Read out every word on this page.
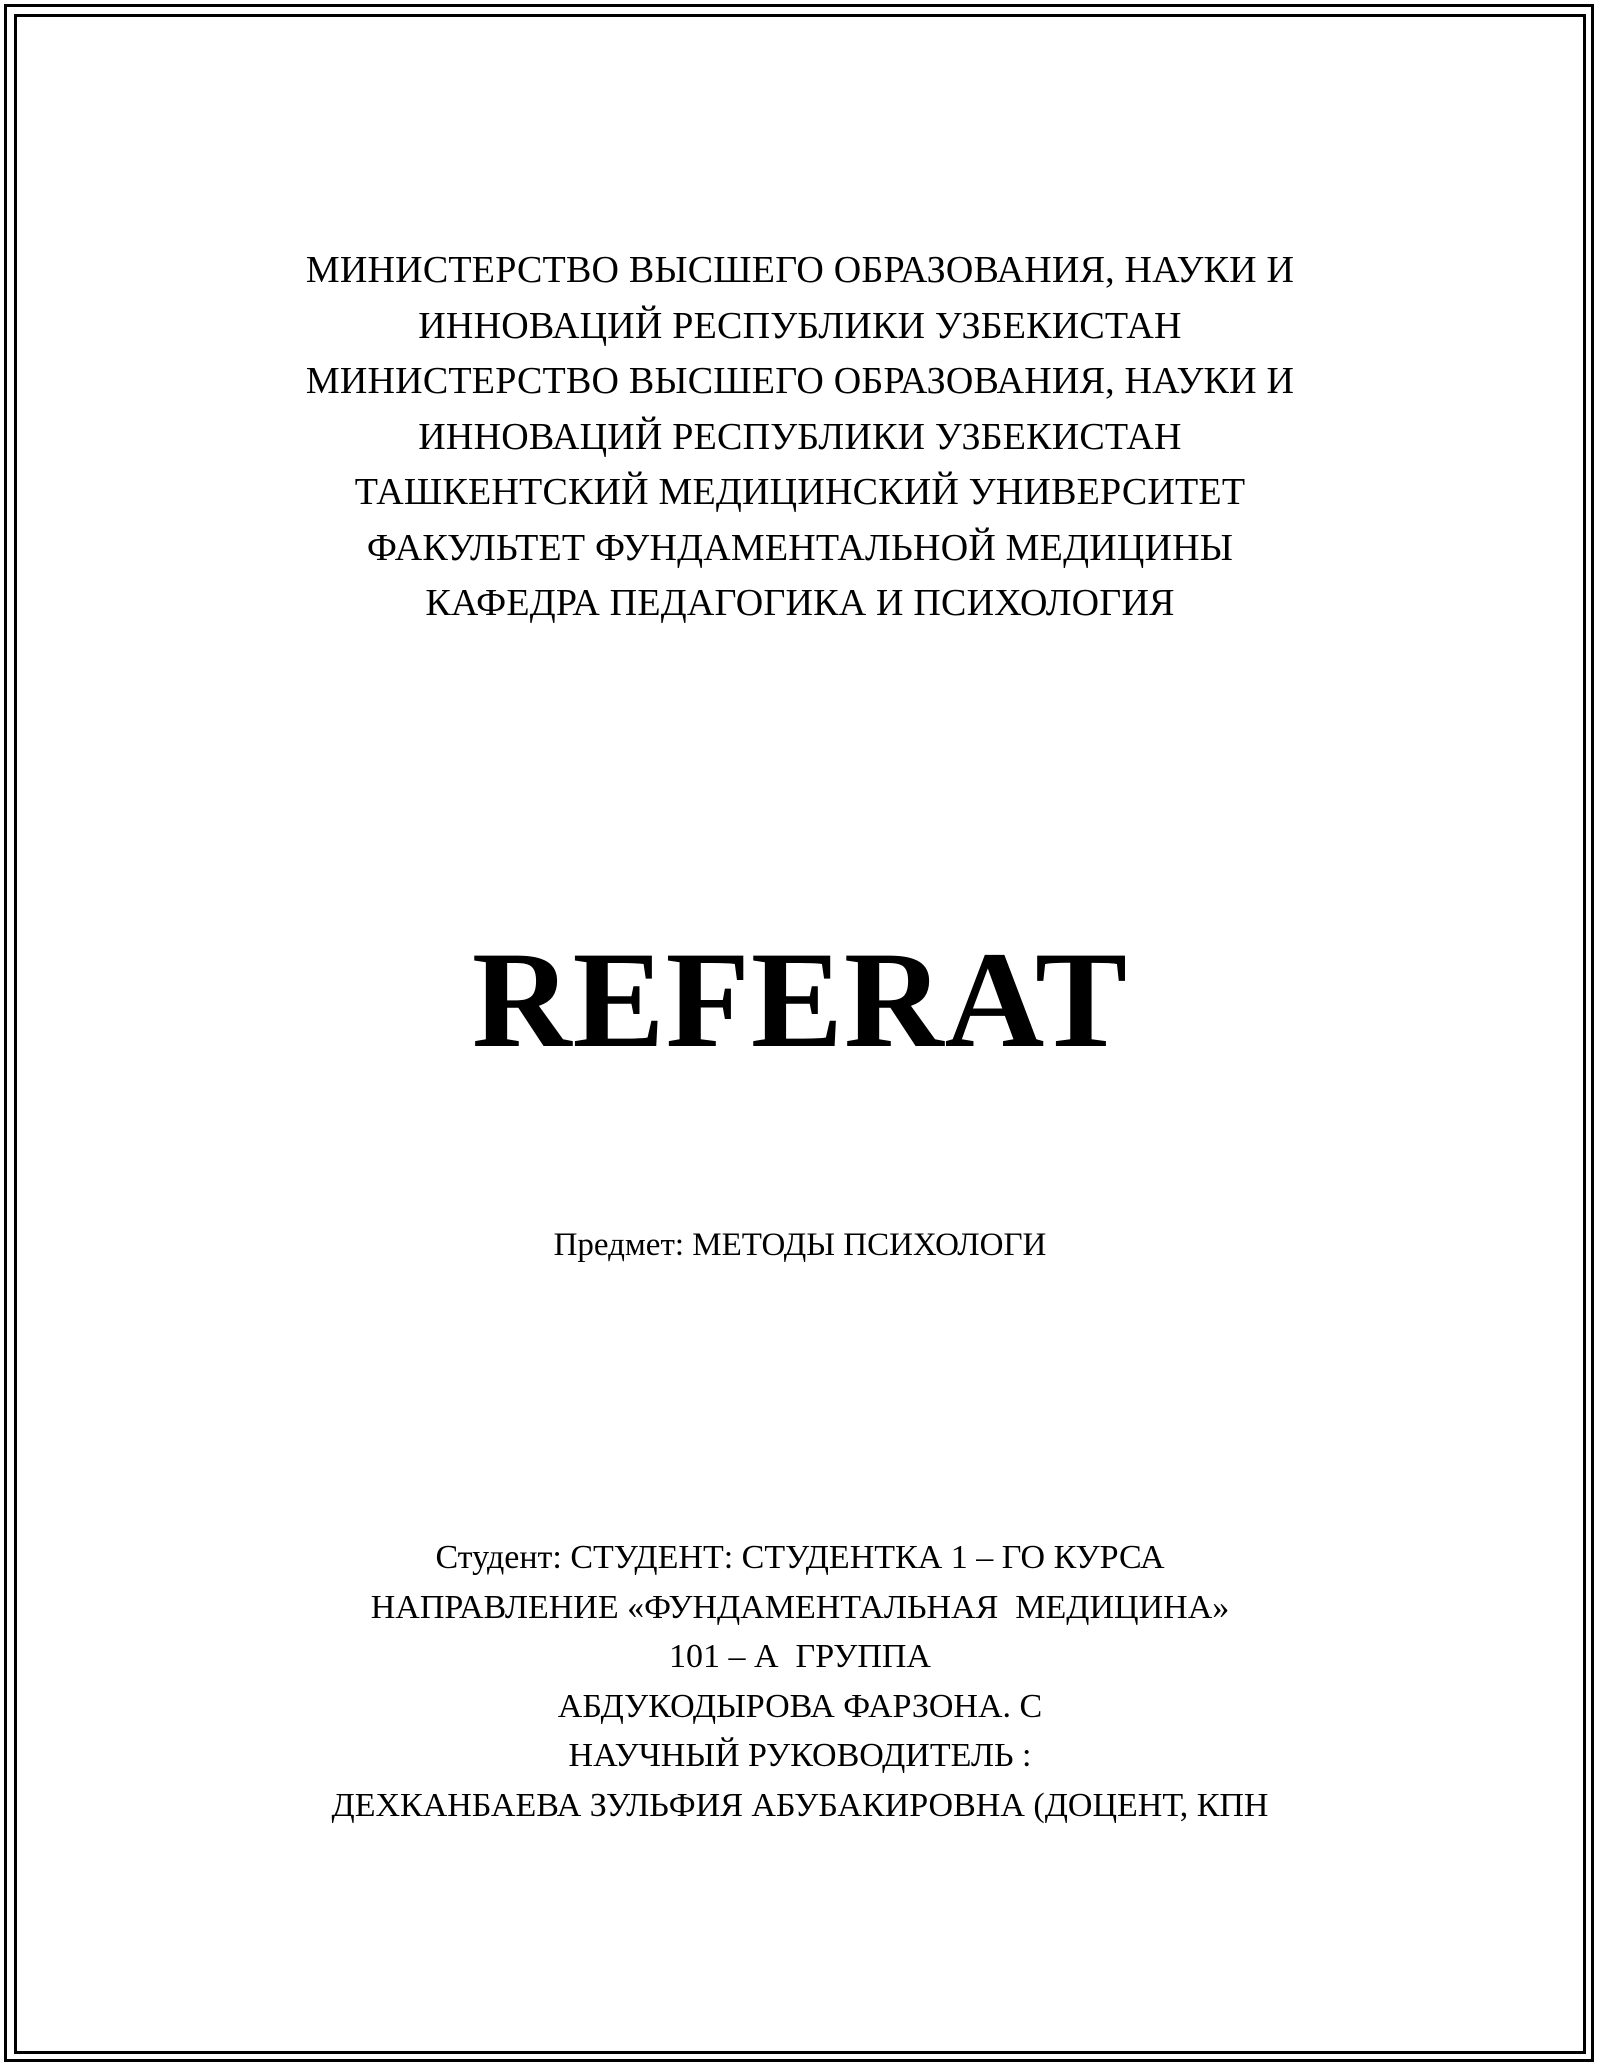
МИНИСТЕРСТВО ВЫСШЕГО ОБРАЗОВАНИЯ, НАУКИ И
ИННОВАЦИЙ РЕСПУБЛИКИ УЗБЕКИСТАН
МИНИСТЕРСТВО ВЫСШЕГО ОБРАЗОВАНИЯ, НАУКИ И
ИННОВАЦИЙ РЕСПУБЛИКИ УЗБЕКИСТАН
ТАШКЕНТСКИЙ МЕДИЦИНСКИЙ УНИВЕРСИТЕТ
ФАКУЛЬТЕТ ФУНДАМЕНТАЛЬНОЙ МЕДИЦИНЫ
КАФЕДРА ПЕДАГОГИКА И ПСИХОЛОГИЯ
REFERAT
Предмет: МЕТОДЫ ПСИХОЛОГИ
Студент: СТУДЕНТ: СТУДЕНТКА 1 – ГО КУРСА
НАПРАВЛЕНИЕ «ФУНДАМЕНТАЛЬНАЯ  МЕДИЦИНА»
101 – А  ГРУППА
АБДУКОДЫРОВА ФАРЗОНА. С
НАУЧНЫЙ РУКОВОДИТЕЛЬ :
ДЕХКАНБАЕВА ЗУЛЬФИЯ АБУБАКИРОВНА (ДОЦЕНТ, КПН
